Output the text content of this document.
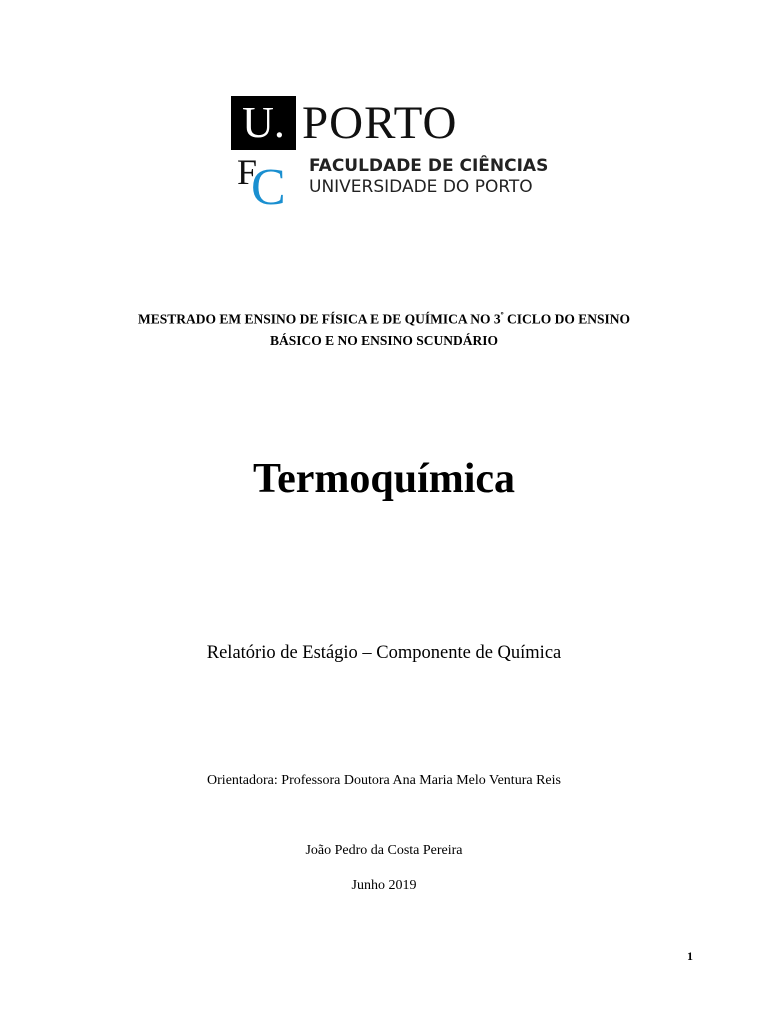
U. PORTO
F
C FACULDADE DE CIÊNCIAS
UNIVERSIDADE DO PORTO
MESTRADO EM ENSINO DE FÍSICA E DE QUÍMICA NO $3^º$ CICLO DO ENSINO
BÁSICO E NO ENSINO SCUNDÁRIO
Termoquímica
Relatório de Estágio – Componente de Química
Orientadora: Professora Doutora Ana Maria Melo Ventura Reis
João Pedro da Costa Pereira
Junho 2019
1
